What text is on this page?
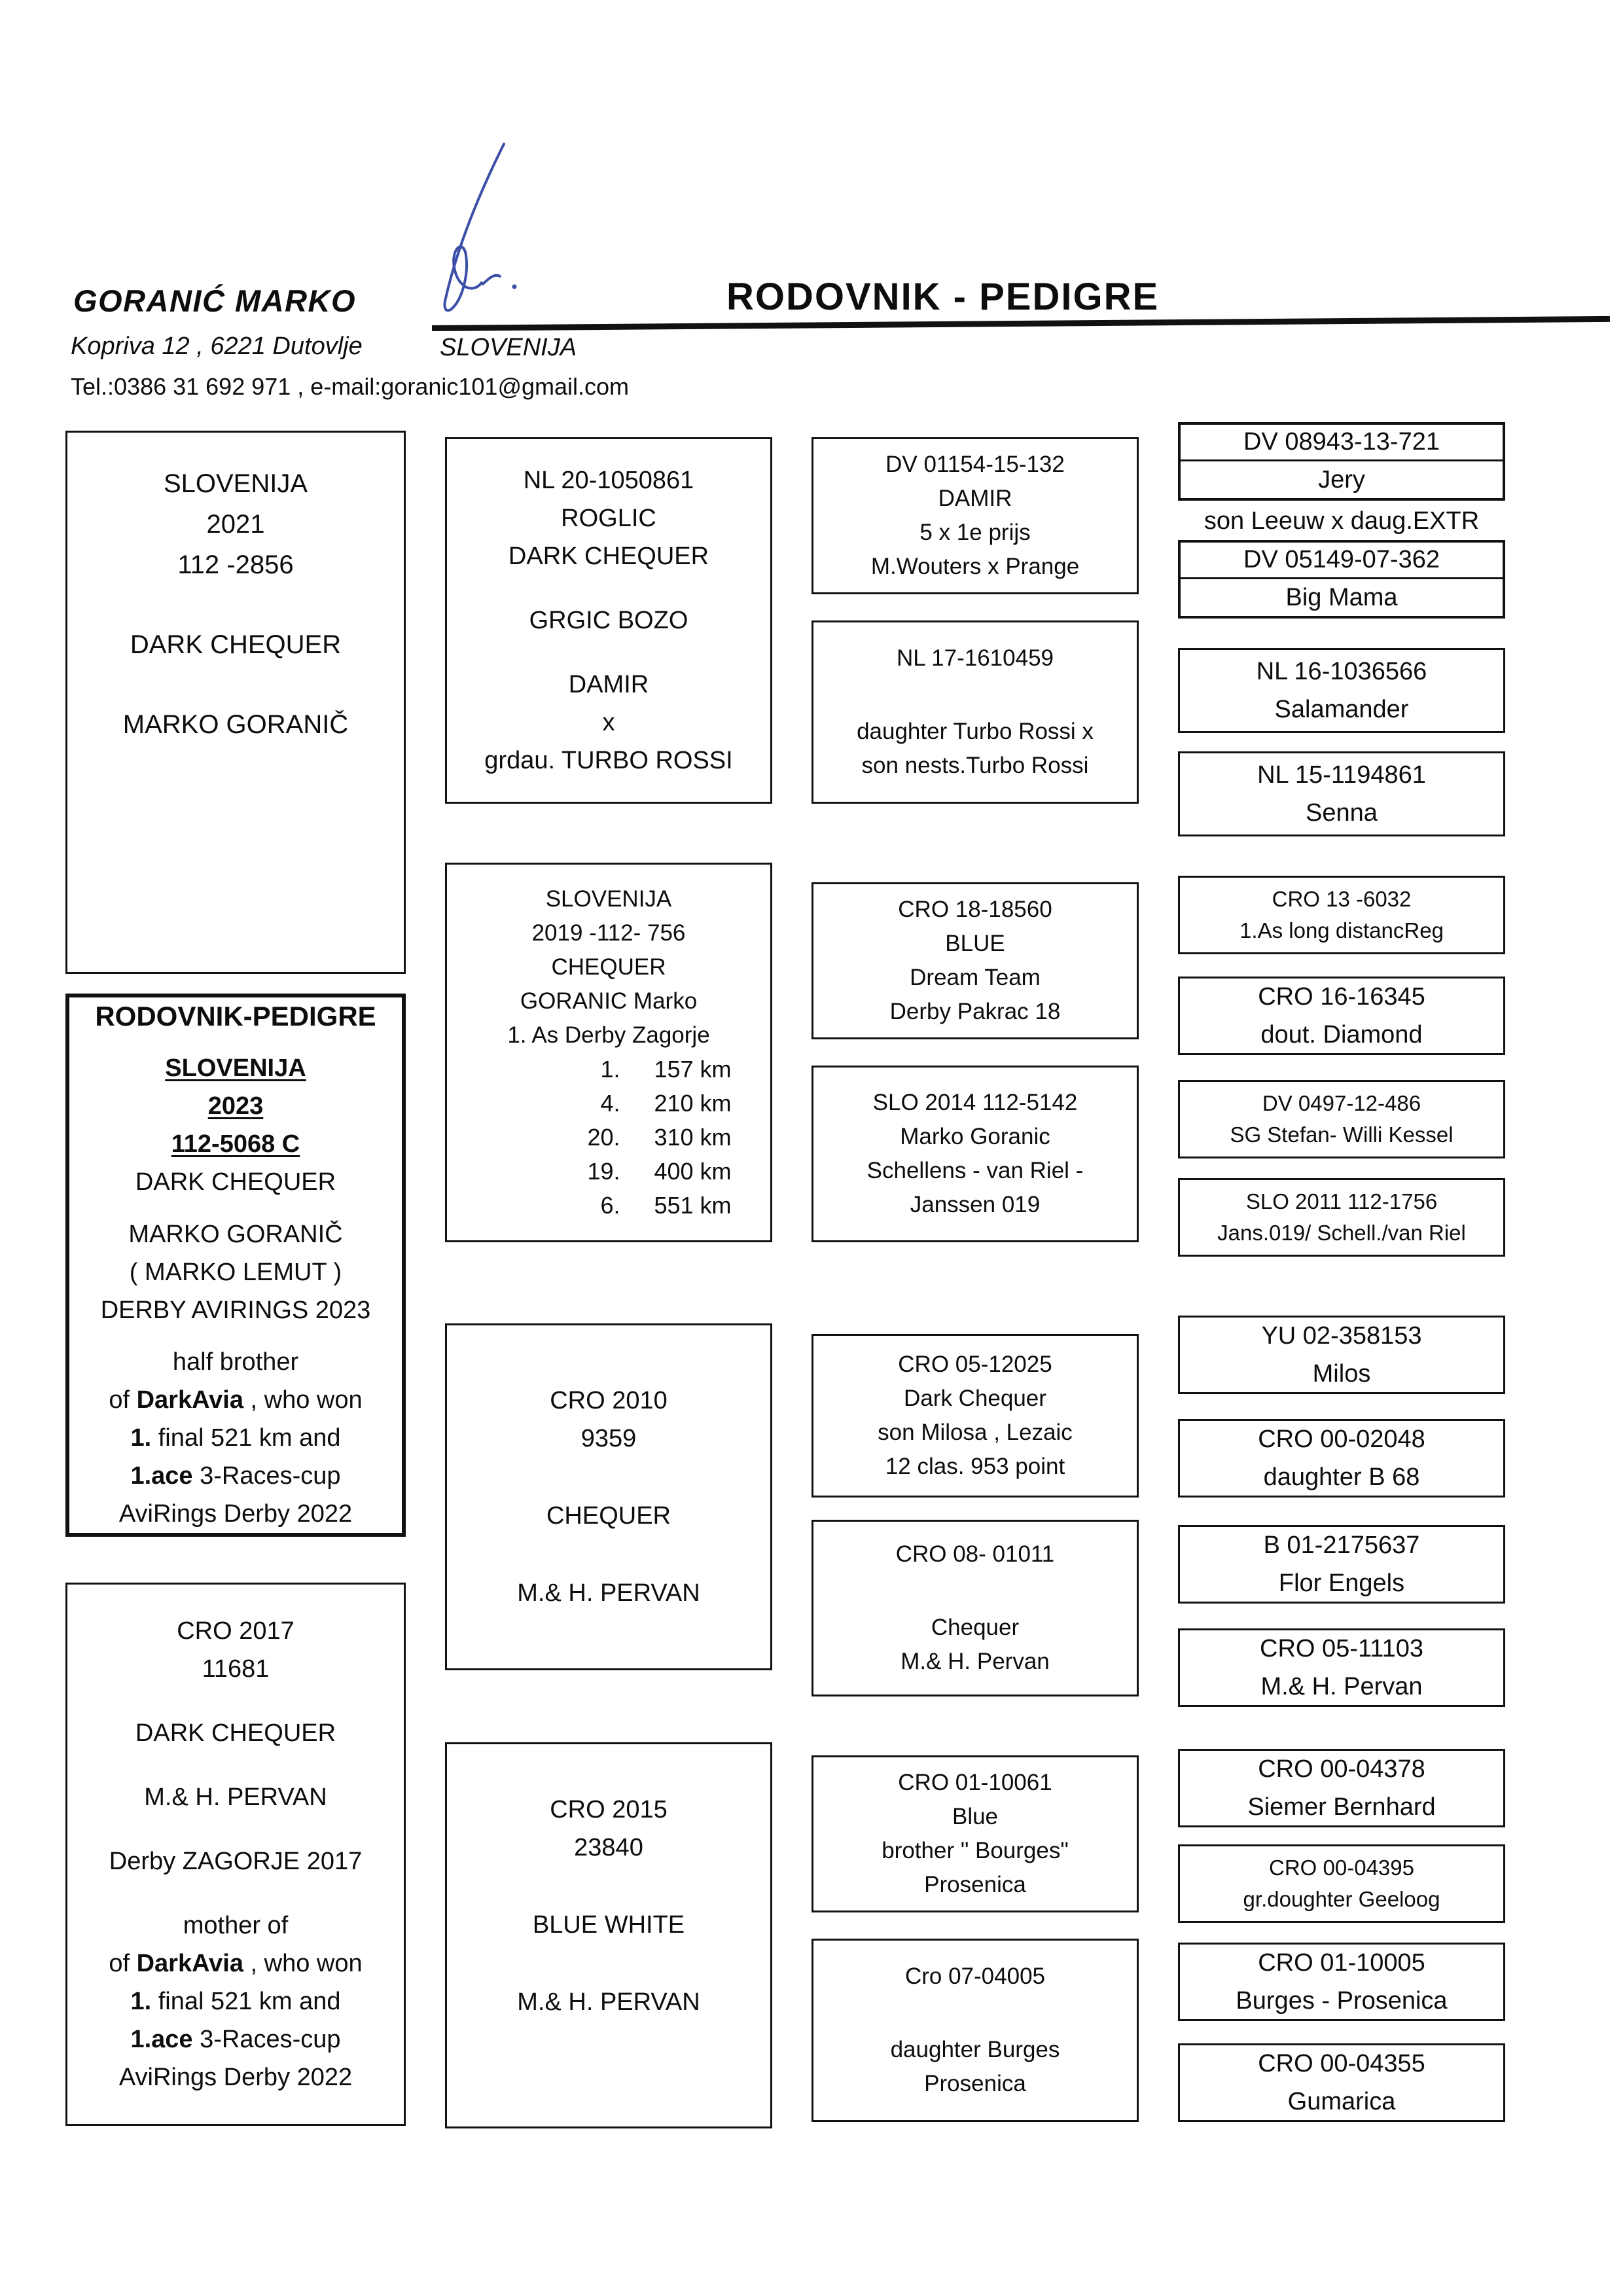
GORANIĆ MARKO
Kopriva 12 , 6221 Dutovlje
Tel.:0386 31 692 971 , e-mail:goranic101@gmail.com
SLOVENIJA
RODOVNIK - PEDIGRE
SLOVENIJA
2021
112 -2856
DARK CHEQUER
MARKO GORANIČ
RODOVNIK-PEDIGRE
SLOVENIJA
2023
112-5068 C
DARK CHEQUER
MARKO GORANIČ
( MARKO LEMUT )
DERBY AVIRINGS 2023
half brother
of DarkAvia , who won
1. final 521 km and
1.ace 3-Races-cup
AviRings Derby 2022
CRO 2017
11681
DARK CHEQUER
M.& H. PERVAN
Derby ZAGORJE 2017
mother of
of DarkAvia , who won
1. final 521 km and
1.ace 3-Races-cup
AviRings Derby 2022
NL 20-1050861
ROGLIC
DARK CHEQUER
GRGIC BOZO
DAMIR
x
grdau. TURBO ROSSI
SLOVENIJA
2019 -112- 756
CHEQUER
GORANIC Marko
1. As Derby Zagorje
1. 157 km
4. 210 km
20. 310 km
19. 400 km
6. 551 km
CRO 2010
9359
CHEQUER
M.& H. PERVAN
CRO 2015
23840
BLUE WHITE
M.& H. PERVAN
DV 01154-15-132
DAMIR
5 x 1e prijs
M.Wouters x Prange
NL 17-1610459
daughter Turbo Rossi x
son nests.Turbo Rossi
CRO 18-18560
BLUE
Dream Team
Derby Pakrac 18
SLO 2014 112-5142
Marko Goranic
Schellens - van Riel -
Janssen 019
CRO 05-12025
Dark Chequer
son Milosa , Lezaic
12 clas. 953 point
CRO 08- 01011
Chequer
M.& H. Pervan
CRO 01-10061
Blue
brother " Bourges"
Prosenica
Cro 07-04005
daughter Burges
Prosenica
DV 08943-13-721
Jery
son Leeuw x daug.EXTR
DV 05149-07-362
Big Mama
NL 16-1036566
Salamander
NL 15-1194861
Senna
CRO 13 -6032
1.As long distancReg
CRO 16-16345
dout. Diamond
DV 0497-12-486
SG Stefan- Willi Kessel
SLO 2011 112-1756
Jans.019/ Schell./van Riel
YU 02-358153
Milos
CRO 00-02048
daughter B 68
B 01-2175637
Flor Engels
CRO 05-11103
M.& H. Pervan
CRO 00-04378
Siemer Bernhard
CRO 00-04395
gr.doughter Geeloog
CRO 01-10005
Burges - Prosenica
CRO 00-04355
Gumarica
